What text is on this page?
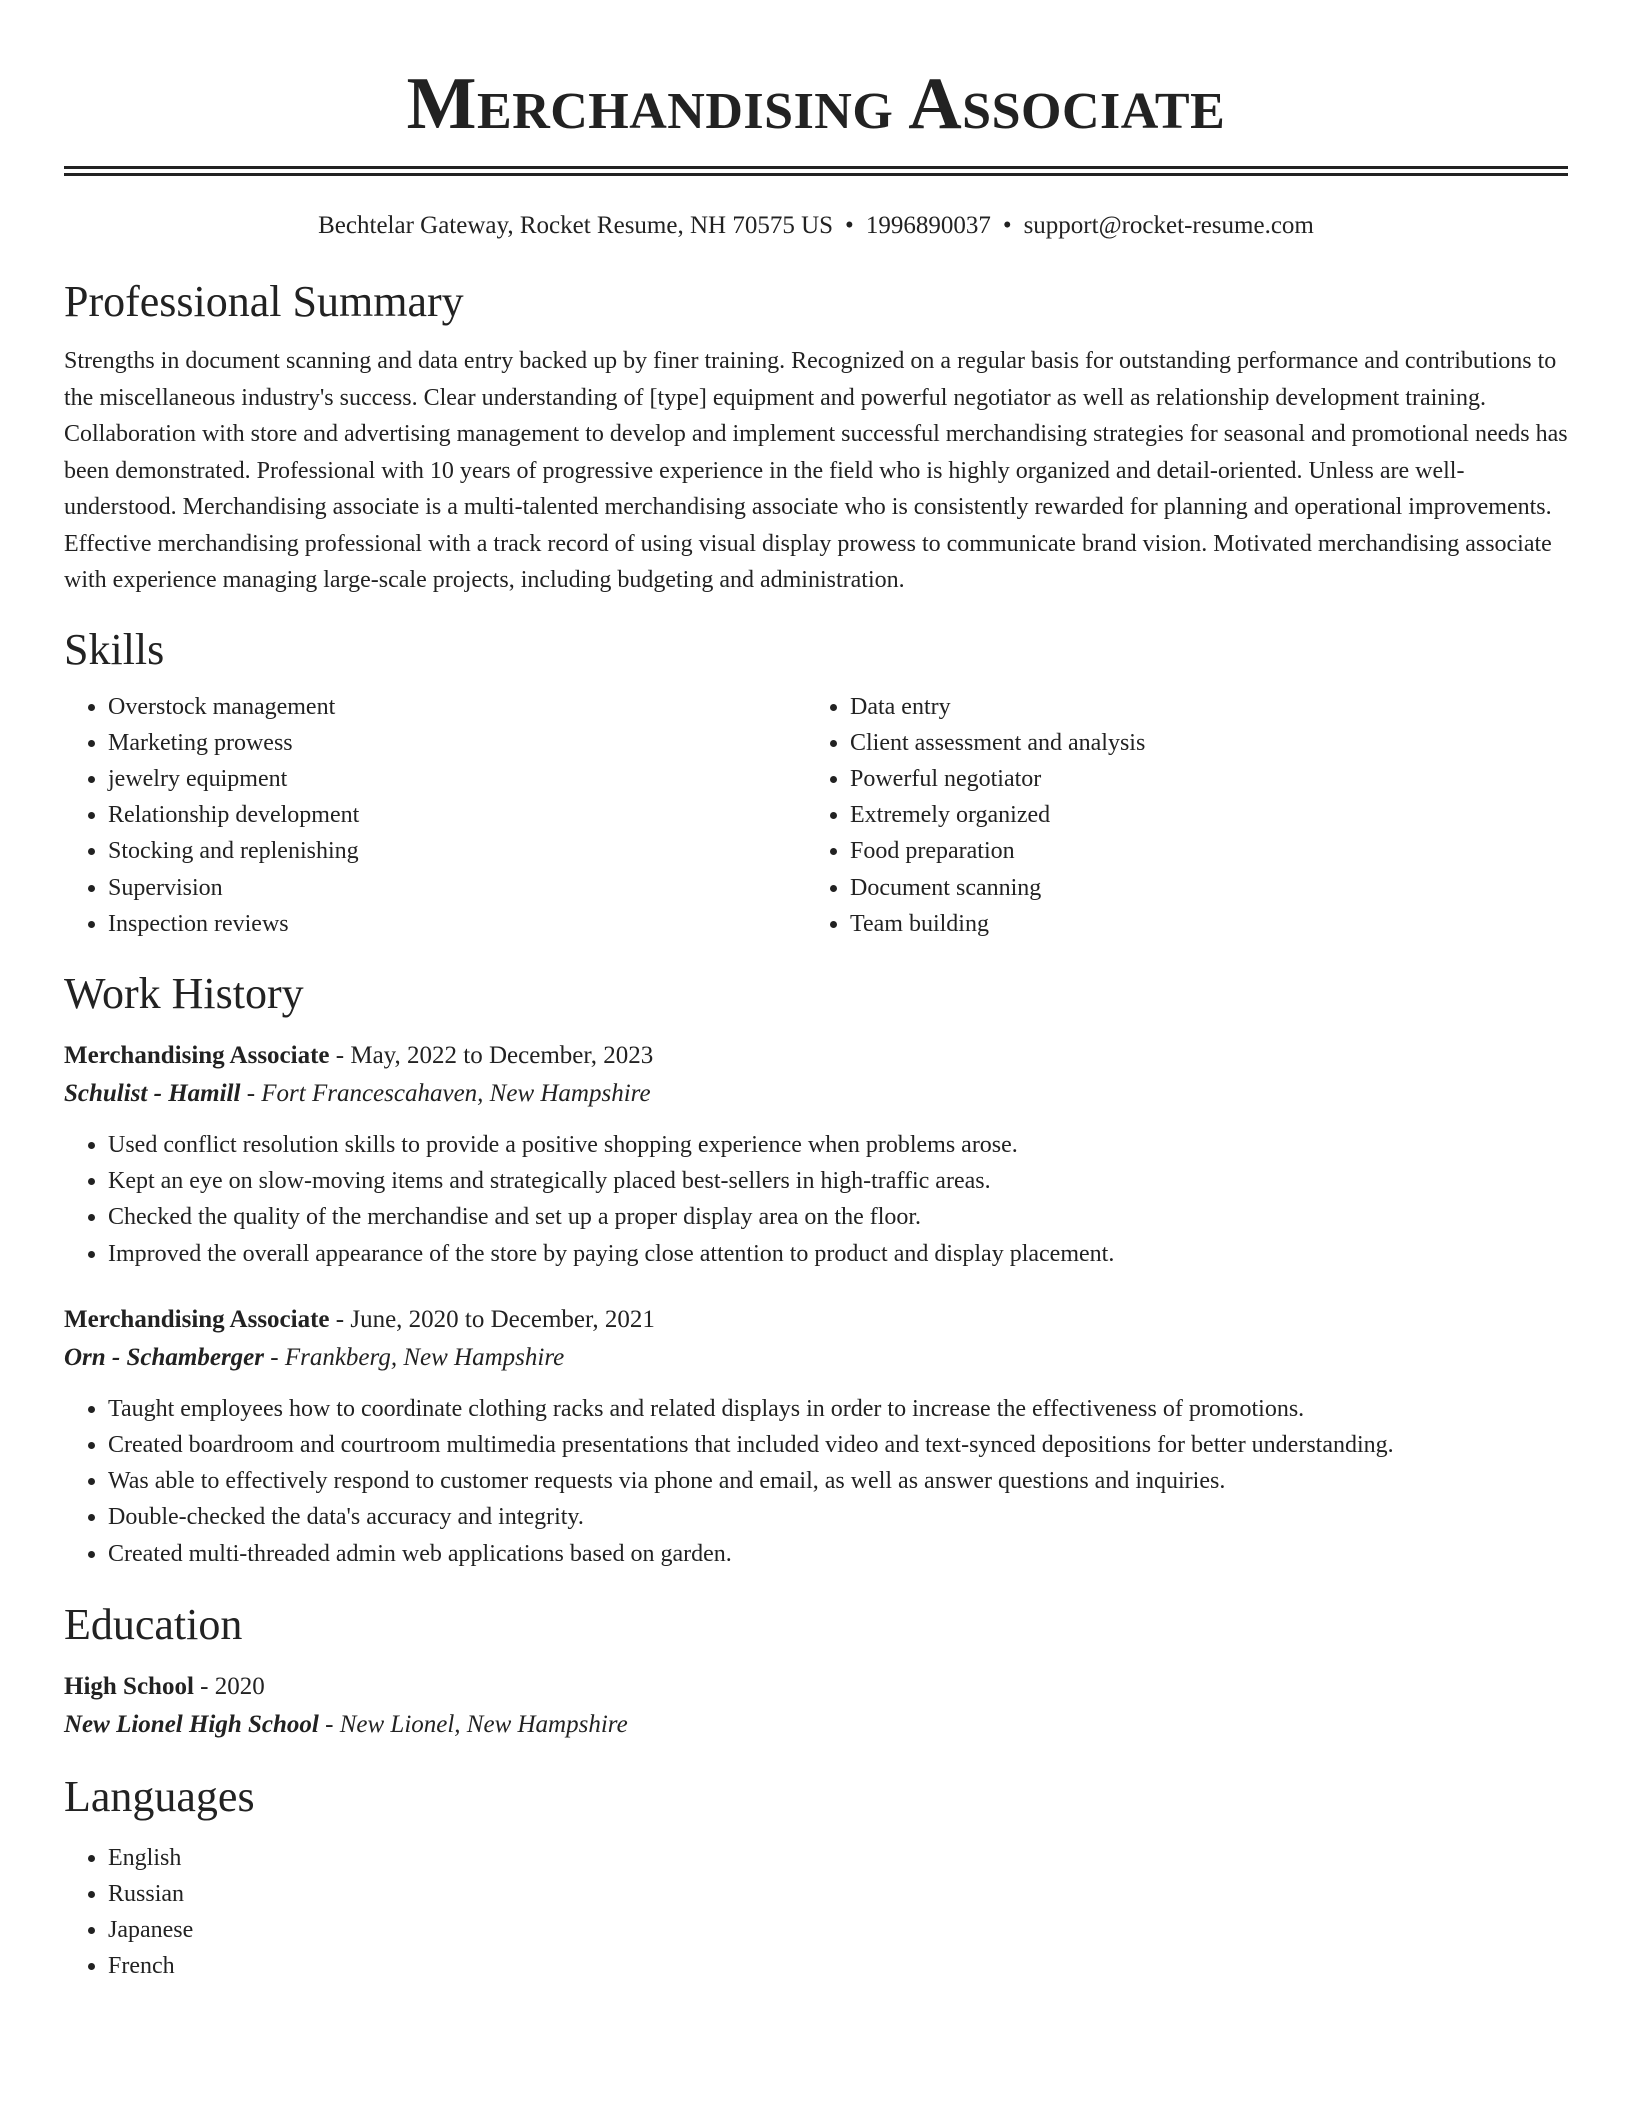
Merchandising Associate
Bechtelar Gateway, Rocket Resume, NH 70575 US • 1996890037 • support@rocket-resume.com
Professional Summary

Strengths in document scanning and data entry backed up by finer training. Recognized on a regular basis for outstanding performance and contributions to the miscellaneous industry's success. Clear understanding of [type] equipment and powerful negotiator as well as relationship development training. Collaboration with store and advertising management to develop and implement successful merchandising strategies for seasonal and promotional needs has been demonstrated. Professional with 10 years of progressive experience in the field who is highly organized and detail-oriented. Unless are well-understood. Merchandising associate is a multi-talented merchandising associate who is consistently rewarded for planning and operational improvements. Effective merchandising professional with a track record of using visual display prowess to communicate brand vision. Motivated merchandising associate with experience managing large-scale projects, including budgeting and administration.

Skills
• Overstock management
• Marketing prowess
• jewelry equipment
• Relationship development
• Stocking and replenishing
• Supervision
• Inspection reviews
• Data entry
• Client assessment and analysis
• Powerful negotiator
• Extremely organized
• Food preparation
• Document scanning
• Team building
Work History
Merchandising Associate - May, 2022 to December, 2023
Schulist - Hamill - Fort Francescahaven, New Hampshire
• Used conflict resolution skills to provide a positive shopping experience when problems arose.
• Kept an eye on slow-moving items and strategically placed best-sellers in high-traffic areas.
• Checked the quality of the merchandise and set up a proper display area on the floor.
• Improved the overall appearance of the store by paying close attention to product and display placement.
Merchandising Associate - June, 2020 to December, 2021
Orn - Schamberger - Frankberg, New Hampshire
• Taught employees how to coordinate clothing racks and related displays in order to increase the effectiveness of promotions.
• Created boardroom and courtroom multimedia presentations that included video and text-synced depositions for better understanding.
• Was able to effectively respond to customer requests via phone and email, as well as answer questions and inquiries.
• Double-checked the data's accuracy and integrity.
• Created multi-threaded admin web applications based on garden.
Education
High School - 2020
New Lionel High School - New Lionel, New Hampshire
Languages
• English
• Russian
• Japanese
• French
